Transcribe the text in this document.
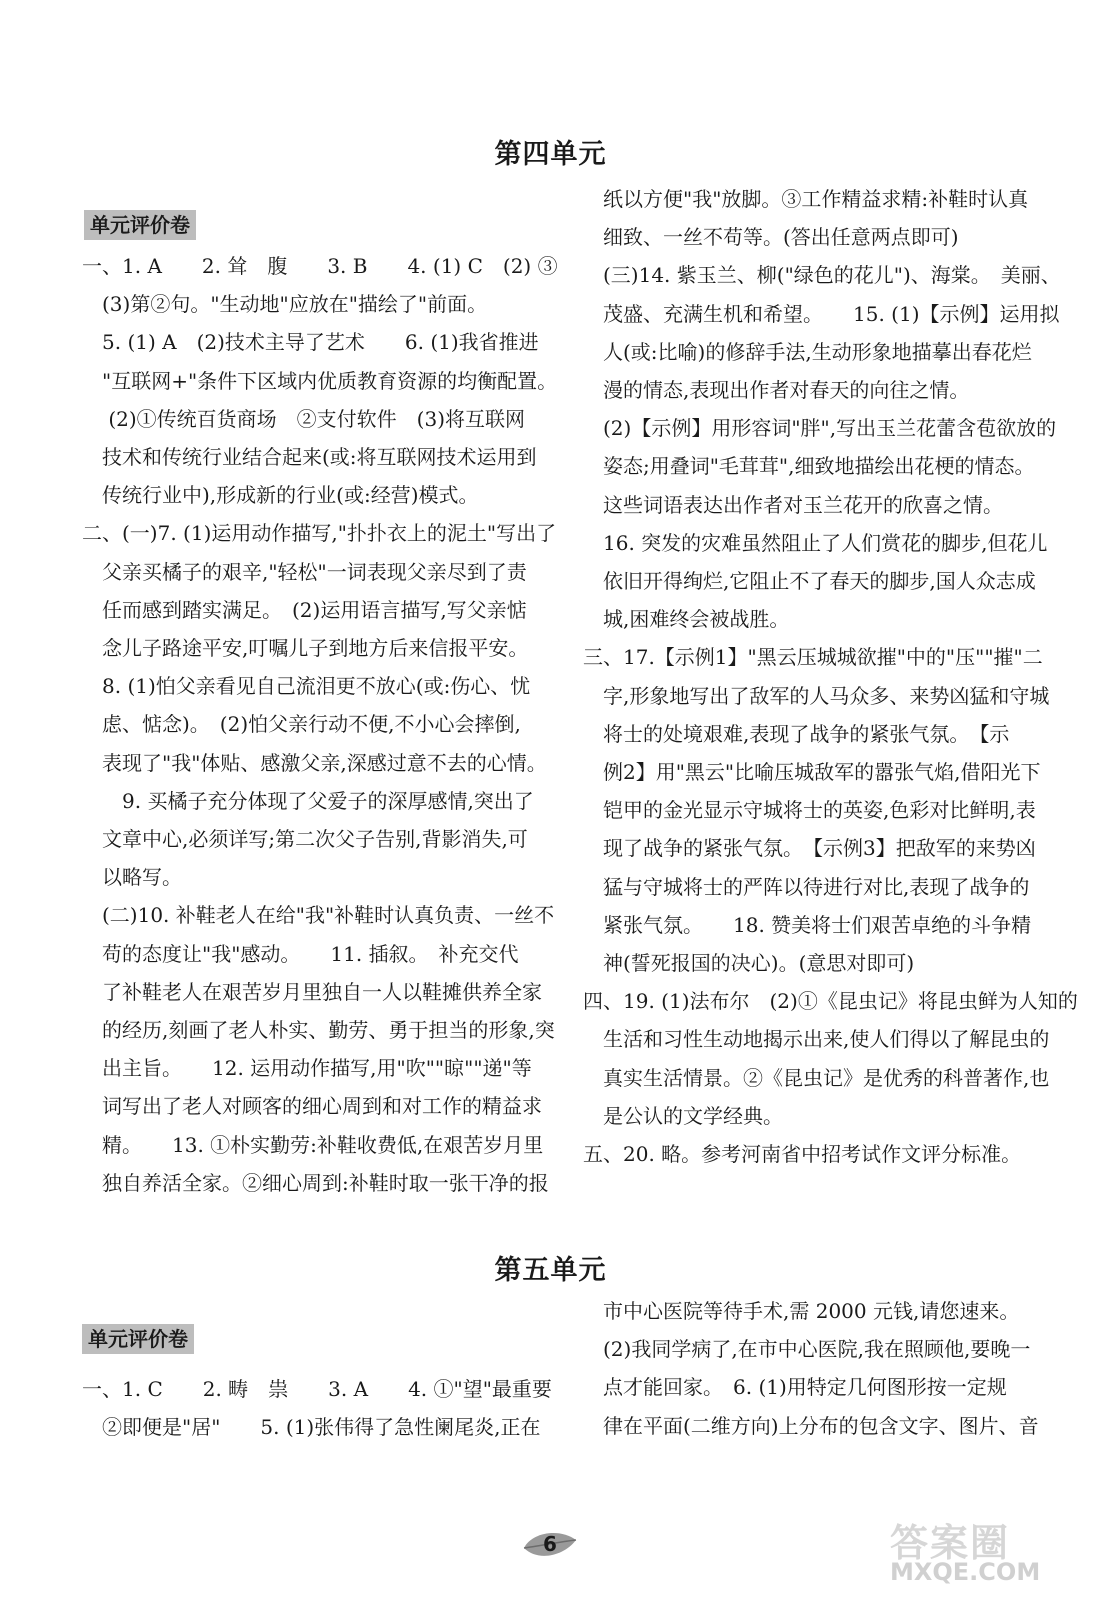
第四单元
单元评价卷
一、1. A　　2. 耸　腹　　3. B　　4. (1) C　(2) ③
　(3)第②句。"生动地"应放在"描绘了"前面。
　5. (1) A　(2)技术主导了艺术　　6. (1)我省推进
　"互联网+"条件下区域内优质教育资源的均衡配置。
　 (2)①传统百货商场　②支付软件　(3)将互联网
　技术和传统行业结合起来(或:将互联网技术运用到
　传统行业中),形成新的行业(或:经营)模式。
二、(一)7. (1)运用动作描写,"扑扑衣上的泥土"写出了
　父亲买橘子的艰辛,"轻松"一词表现父亲尽到了责
　任而感到踏实满足。　(2)运用语言描写,写父亲惦
　念儿子路途平安,叮嘱儿子到地方后来信报平安。
　8. (1)怕父亲看见自己流泪更不放心(或:伤心、忧
　虑、惦念)。　(2)怕父亲行动不便,不小心会摔倒,
　表现了"我"体贴、感激父亲,深感过意不去的心情。
　　9. 买橘子充分体现了父爱子的深厚感情,突出了
　文章中心,必须详写;第二次父子告别,背影消失,可
　以略写。
　(二)10. 补鞋老人在给"我"补鞋时认真负责、一丝不
　苟的态度让"我"感动。　　11. 插叙。　补充交代
　了补鞋老人在艰苦岁月里独自一人以鞋摊供养全家
　的经历,刻画了老人朴实、勤劳、勇于担当的形象,突
　出主旨。　　12. 运用动作描写,用"吹""晾""递"等
　词写出了老人对顾客的细心周到和对工作的精益求
　精。　　13. ①朴实勤劳:补鞋收费低,在艰苦岁月里
　独自养活全家。②细心周到:补鞋时取一张干净的报
　纸以方便"我"放脚。③工作精益求精:补鞋时认真
　细致、一丝不苟等。(答出任意两点即可)
　(三)14. 紫玉兰、柳("绿色的花儿")、海棠。　美丽、
　茂盛、充满生机和希望。　　15. (1)【示例】运用拟
　人(或:比喻)的修辞手法,生动形象地描摹出春花烂
　漫的情态,表现出作者对春天的向往之情。
　(2)【示例】用形容词"胖",写出玉兰花蕾含苞欲放的
　姿态;用叠词"毛茸茸",细致地描绘出花梗的情态。
　这些词语表达出作者对玉兰花开的欣喜之情。
　16. 突发的灾难虽然阻止了人们赏花的脚步,但花儿
　依旧开得绚烂,它阻止不了春天的脚步,国人众志成
　城,困难终会被战胜。
三、17.【示例1】"黑云压城城欲摧"中的"压""摧"二
　字,形象地写出了敌军的人马众多、来势凶猛和守城
　将士的处境艰难,表现了战争的紧张气氛。　【示
　例2】用"黑云"比喻压城敌军的嚣张气焰,借阳光下
　铠甲的金光显示守城将士的英姿,色彩对比鲜明,表
　现了战争的紧张气氛。　【示例3】把敌军的来势凶
　猛与守城将士的严阵以待进行对比,表现了战争的
　紧张气氛。　　18. 赞美将士们艰苦卓绝的斗争精
　神(誓死报国的决心)。(意思对即可)
四、19. (1)法布尔　(2)①《昆虫记》将昆虫鲜为人知的
　生活和习性生动地揭示出来,使人们得以了解昆虫的
　真实生活情景。②《昆虫记》是优秀的科普著作,也
　是公认的文学经典。
五、20. 略。参考河南省中招考试作文评分标准。
第五单元
单元评价卷
一、1. C　　2. 畴　祟　　3. A　　4. ①"望"最重要
　②即便是"居"　　5. (1)张伟得了急性阑尾炎,正在
　市中心医院等待手术,需 2000 元钱,请您速来。
　(2)我同学病了,在市中心医院,我在照顾他,要晚一
　点才能回家。　6. (1)用特定几何图形按一定规
　律在平面(二维方向)上分布的包含文字、图片、音
6	答案圈
MXQE.COM
